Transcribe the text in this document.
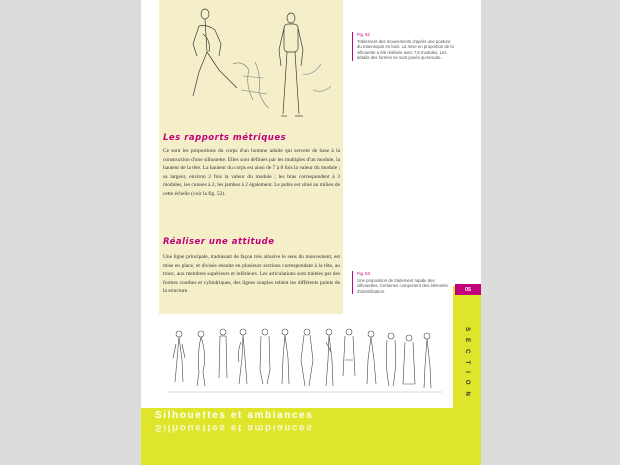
Les rapports métriques

Ce sont les proportions du corps d'un homme adulte qui servent de base à la construction d'une silhouette. Elles sont définies par les multiples d'un module, la hauteur de la tête. La hauteur du corps est ainsi de 7 à 8 fois la valeur du module ; sa largeur, environ 2 fois la valeur du module ; les bras correspondent à 3 modules, les cuisses à 2, les jambes à 2 également. Le pubis est situé au milieu de cette échelle (voir la fig. 52).

Réaliser une attitude

Une ligne principale, traduisant de façon très allusive le sens du mouvement, est mise en place, et divisée ensuite en plusieurs sections correspondant à la tête, au tronc, aux membres supérieurs et inférieurs. Les articulations sont traitées par des formes courbes et cylindriques, des lignes souples relient les différents points de la structure.

Fig. 52
Traitement des mouvements d'après une posture du mannequin en bois. La mise en proportion de la silhouette a été réalisée avec 7,5 modules. Les détails des formes ne sont posés qu'ensuite.
Fig. 53
Une proposition de traitement rapide des silhouettes. Certaines comportent des éléments d'identification.
Silhouettes et ambiances
Silhouettes et ambiances
05
SECTION
